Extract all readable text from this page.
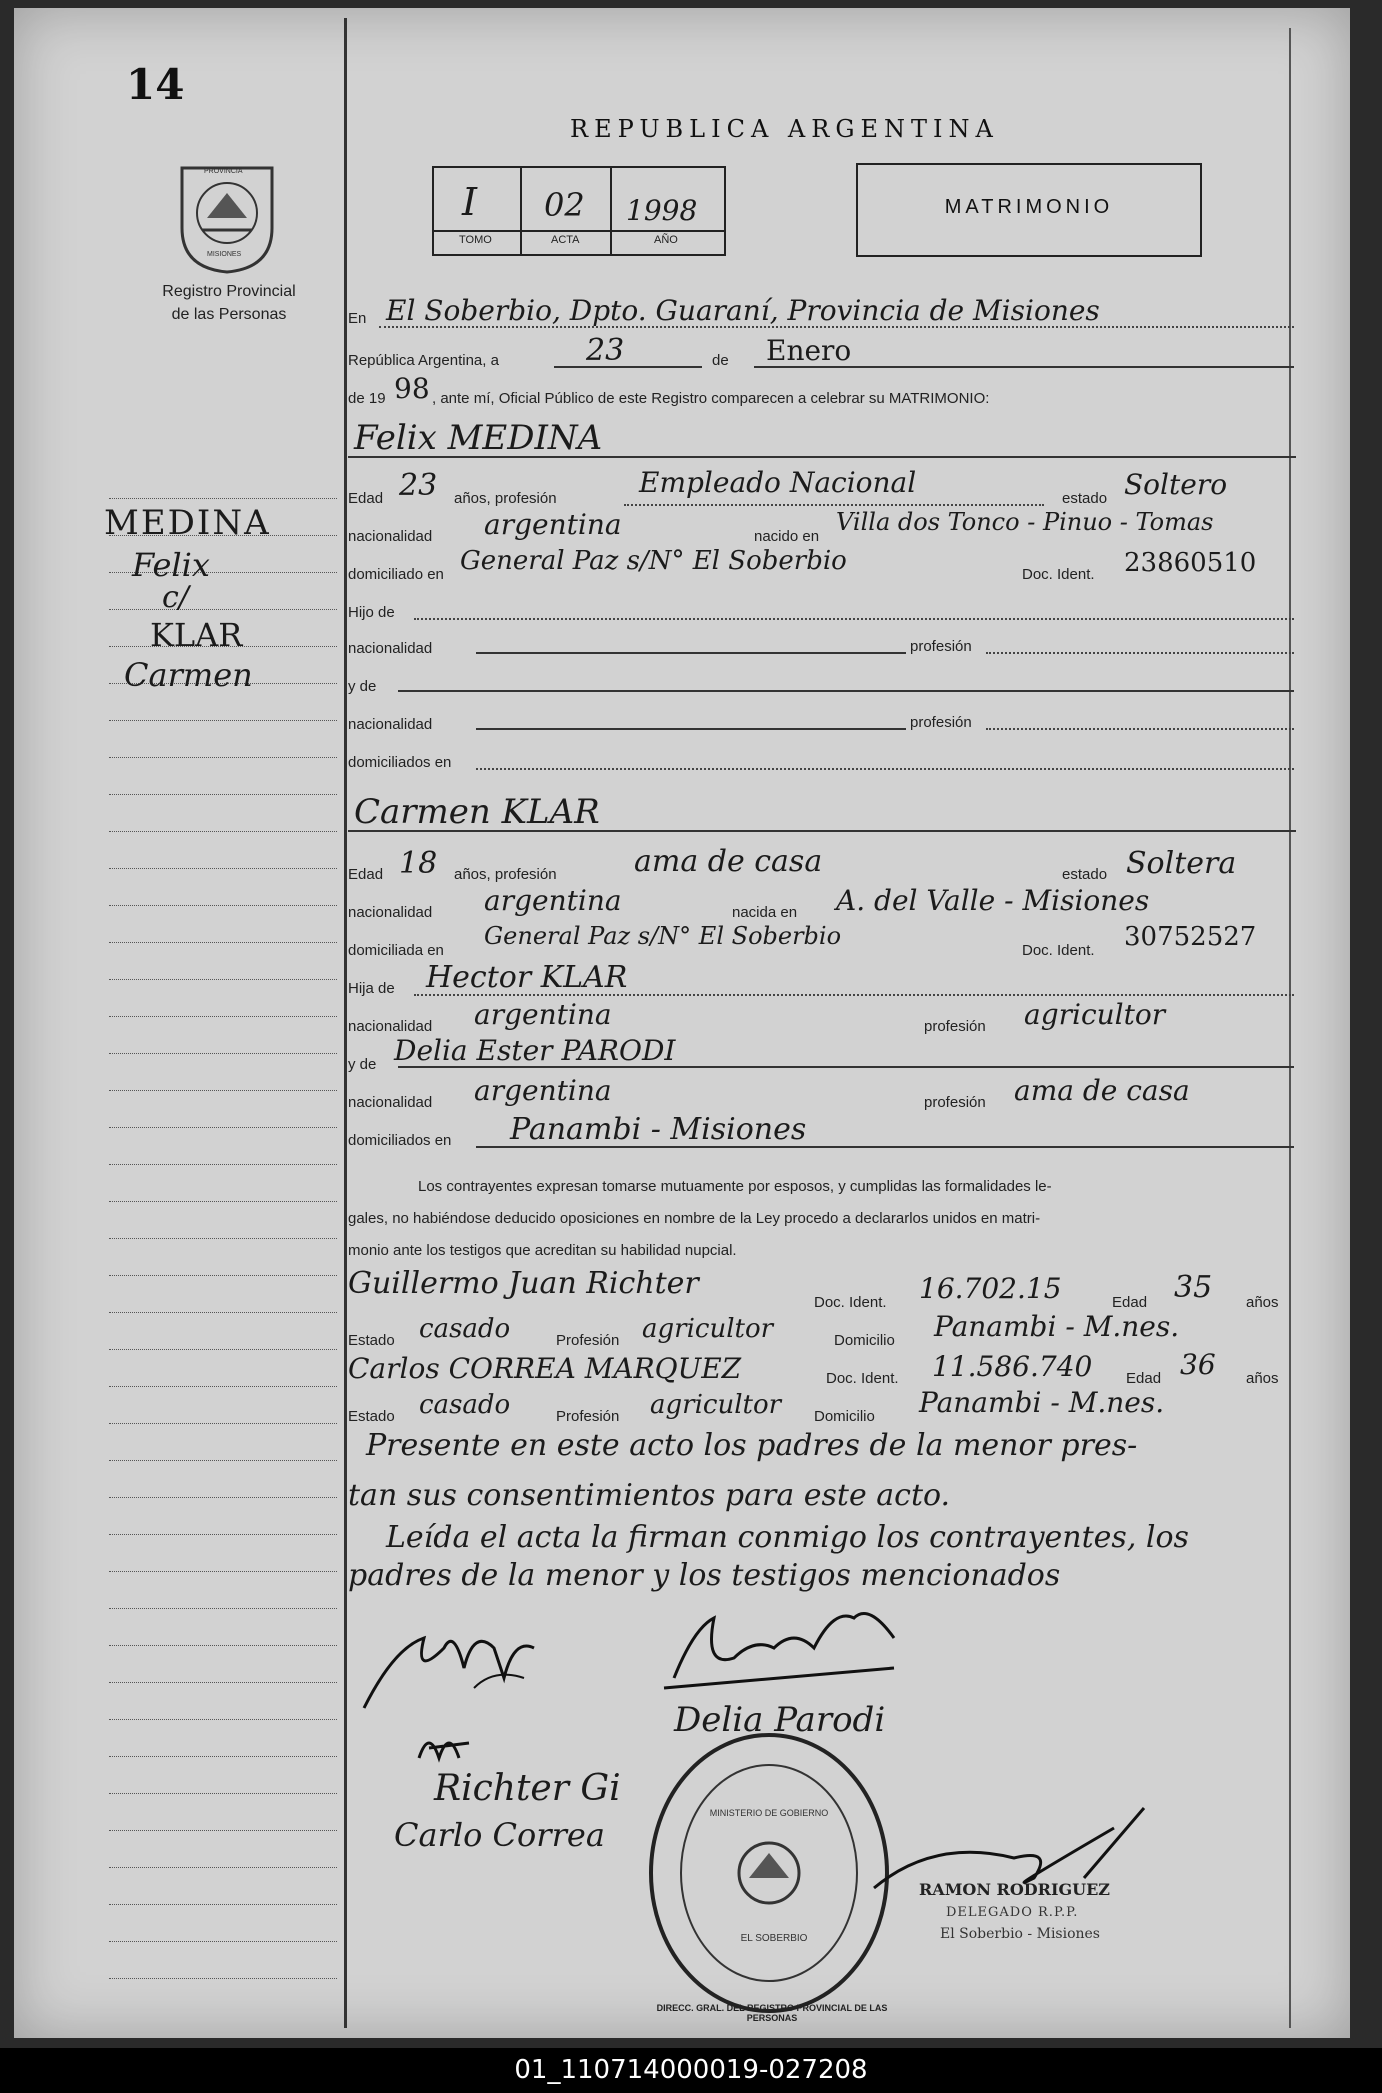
14
PROVINCIA
MISIONES
Registro Provincial
de las Personas
REPUBLICA ARGENTINA
I 02 1998
TOMO	ACTA	AÑO
MATRIMONIO
MEDINA
Felix
c/
KLAR
Carmen
En El Soberbio, Dpto. Guaraní, Provincia de Misiones
República Argentina, a	23	de Enero
de 19 98 , ante mí, Oficial Público de este Registro comparecen a celebrar su MATRIMONIO:
Felix MEDINA
Edad 23 años, profesión	Empleado Nacional	estado Soltero
nacionalidad argentina	nacido en
Villa dos Tonco - Pinuo - Tomas
domiciliado en General Paz s/N° El Soberbio	Doc. Ident. 23860510
Hijo de
nacionalidad	profesión
y de
nacionalidad	profesión
domiciliados en
Carmen KLAR
Edad 18 años, profesión	ama de casa	estado Soltera
nacionalidad argentina	nacida en A. del Valle - Misiones
domiciliada en
General Paz s/N° El Soberbio
Doc. Ident. 30752527
Hija de Hector KLAR
nacionalidad argentina	profesión agricultor
y de Delia Ester PARODI
nacionalidad argentina	profesión ama de casa
domiciliados en Panambi - Misiones
Los contrayentes expresan tomarse mutuamente por esposos, y cumplidas las formalidades le-
gales, no habiéndose deducido oposiciones en nombre de la Ley procedo a declararlos unidos en matri-
monio ante los testigos que acreditan su habilidad nupcial.
Guillermo Juan Richter
Doc. Ident. 16.702.15	Edad 35 años
Estado casado	Profesión agricultor	Domicilio Panambi - M.nes.
Carlos CORREA MARQUEZ	Doc. Ident. 11.586.740 Edad 36 años
Estado casado	Profesión agricultor Domicilio Panambi - M.nes.
Presente en este acto los padres de la menor pres-
tan sus consentimientos para este acto.
Leída el acta la firman conmigo los contrayentes, los
padres de la menor y los testigos mencionados
Delia Parodi
Richter Gi
Carlo Correa
DIRECC. GRAL. DEL REGISTRO PROVINCIAL DE LAS PERSONAS
MINISTERIO DE GOBIERNO
EL SOBERBIO
RAMON RODRIGUEZ
DELEGADO R.P.P.
El Soberbio - Misiones
01_110714000019-027208
